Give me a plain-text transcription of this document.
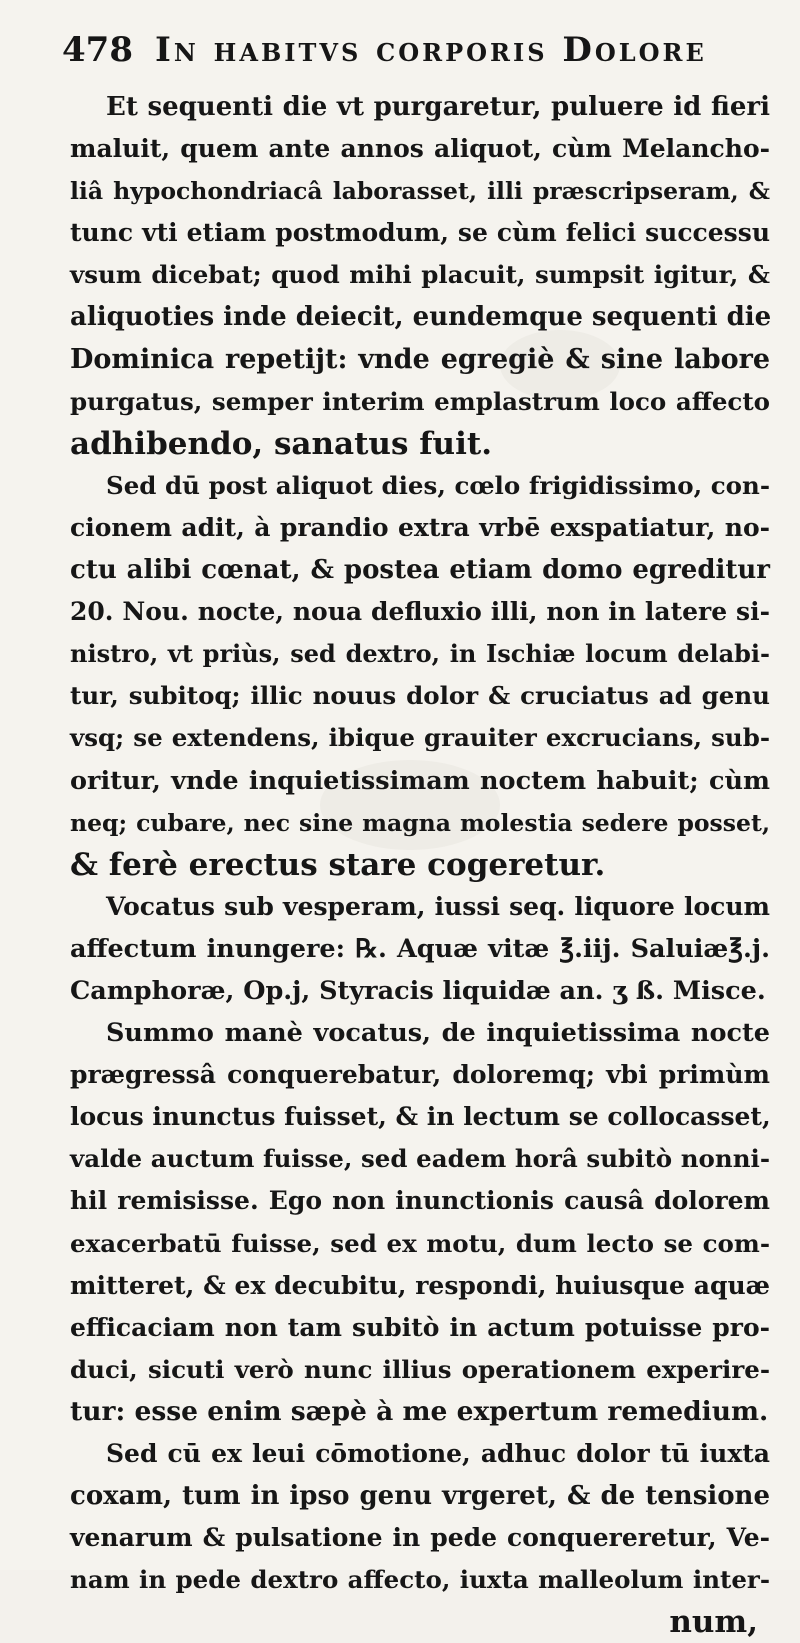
478 In habitvs corporis Dolore
Et sequenti die vt purgaretur, puluere id fieri
maluit, quem ante annos aliquot, cùm Melancho-
liâ hypochondriacâ laborasset, illi præscripseram, &
tunc vti etiam postmodum, se cùm felici successu
vsum dicebat; quod mihi placuit, sumpsit igitur, &
aliquoties inde deiecit, eundemque sequenti die
Dominica repetijt: vnde egregiè & sine labore
purgatus, semper interim emplastrum loco affecto
adhibendo, sanatus fuit.
Sed dū post aliquot dies, cœlo frigidissimo, con-
cionem adit, à prandio extra vrbē exspatiatur, no-
ctu alibi cœnat, & postea etiam domo egreditur
20. Nou. nocte, noua defluxio illi, non in latere si-
nistro, vt priùs, sed dextro, in Ischiæ locum delabi-
tur, subitoq; illic nouus dolor & cruciatus ad genu
vsq; se extendens, ibique grauiter excrucians, sub-
oritur, vnde inquietissimam noctem habuit; cùm
neq; cubare, nec sine magna molestia sedere posset,
& ferè erectus stare cogeretur.
Vocatus sub vesperam, iussi seq. liquore locum
affectum inungere: ℞. Aquæ vitæ ℥.iij. Saluiæ℥.j.
Camphoræ, Op.j, Styracis liquidæ an. ʒ ß. Misce.
Summo manè vocatus, de inquietissima nocte
prægressâ conquerebatur, doloremq; vbi primùm
locus inunctus fuisset, & in lectum se collocasset,
valde auctum fuisse, sed eadem horâ subitò nonni-
hil remisisse. Ego non inunctionis causâ dolorem
exacerbatū fuisse, sed ex motu, dum lecto se com-
mitteret, & ex decubitu, respondi, huiusque aquæ
efficaciam non tam subitò in actum potuisse pro-
duci, sicuti verò nunc illius operationem experire-
tur: esse enim sæpè à me expertum remedium.
Sed cū ex leui cōmotione, adhuc dolor tū iuxta
coxam, tum in ipso genu vrgeret, & de tensione
venarum & pulsatione in pede conquereretur, Ve-
nam in pede dextro affecto, iuxta malleolum inter-
num,
